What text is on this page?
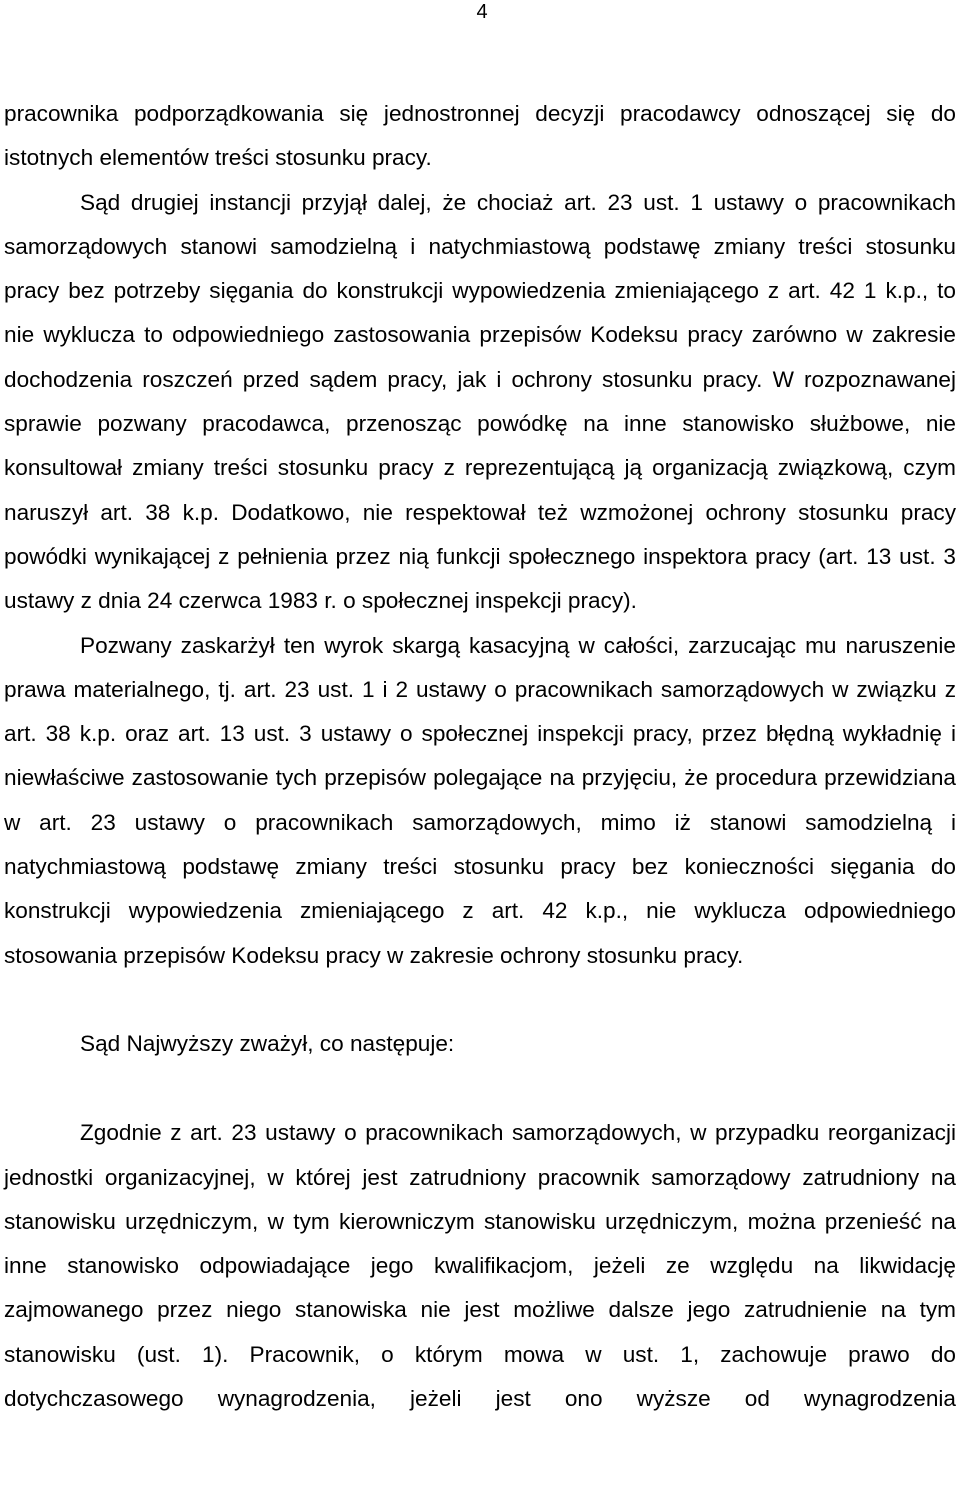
4

pracownika podporządkowania się jednostronnej decyzji pracodawcy odnoszącej się do istotnych elementów treści stosunku pracy.

Sąd drugiej instancji przyjął dalej, że chociaż art. 23 ust. 1 ustawy o pracownikach samorządowych stanowi samodzielną i natychmiastową podstawę zmiany treści stosunku pracy bez potrzeby sięgania do konstrukcji wypowiedzenia zmieniającego z art. 42 1 k.p., to nie wyklucza to odpowiedniego zastosowania przepisów Kodeksu pracy zarówno w zakresie dochodzenia roszczeń przed sądem pracy, jak i ochrony stosunku pracy. W rozpoznawanej sprawie pozwany pracodawca, przenosząc powódkę na inne stanowisko służbowe, nie konsultował zmiany treści stosunku pracy z reprezentującą ją organizacją związkową, czym naruszył art. 38 k.p. Dodatkowo, nie respektował też wzmożonej ochrony stosunku pracy powódki wynikającej z pełnienia przez nią funkcji społecznego inspektora pracy (art. 13 ust. 3 ustawy z dnia 24 czerwca 1983 r. o społecznej inspekcji pracy).

Pozwany zaskarżył ten wyrok skargą kasacyjną w całości, zarzucając mu naruszenie prawa materialnego, tj. art. 23 ust. 1 i 2 ustawy o pracownikach samorządowych w związku z art. 38 k.p. oraz art. 13 ust. 3 ustawy o społecznej inspekcji pracy, przez błędną wykładnię i niewłaściwe zastosowanie tych przepisów polegające na przyjęciu, że procedura przewidziana w art. 23 ustawy o pracownikach samorządowych, mimo iż stanowi samodzielną i natychmiastową podstawę zmiany treści stosunku pracy bez konieczności sięgania do konstrukcji wypowiedzenia zmieniającego z art. 42 k.p., nie wyklucza odpowiedniego stosowania przepisów Kodeksu pracy w zakresie ochrony stosunku pracy.

Sąd Najwyższy zważył, co następuje:

Zgodnie z art. 23 ustawy o pracownikach samorządowych, w przypadku reorganizacji jednostki organizacyjnej, w której jest zatrudniony pracownik samorządowy zatrudniony na stanowisku urzędniczym, w tym kierowniczym stanowisku urzędniczym, można przenieść na inne stanowisko odpowiadające jego kwalifikacjom, jeżeli ze względu na likwidację zajmowanego przez niego stanowiska nie jest możliwe dalsze jego zatrudnienie na tym stanowisku (ust. 1). Pracownik, o którym mowa w ust. 1, zachowuje prawo do dotychczasowego wynagrodzenia, jeżeli jest ono wyższe od wynagrodzenia
